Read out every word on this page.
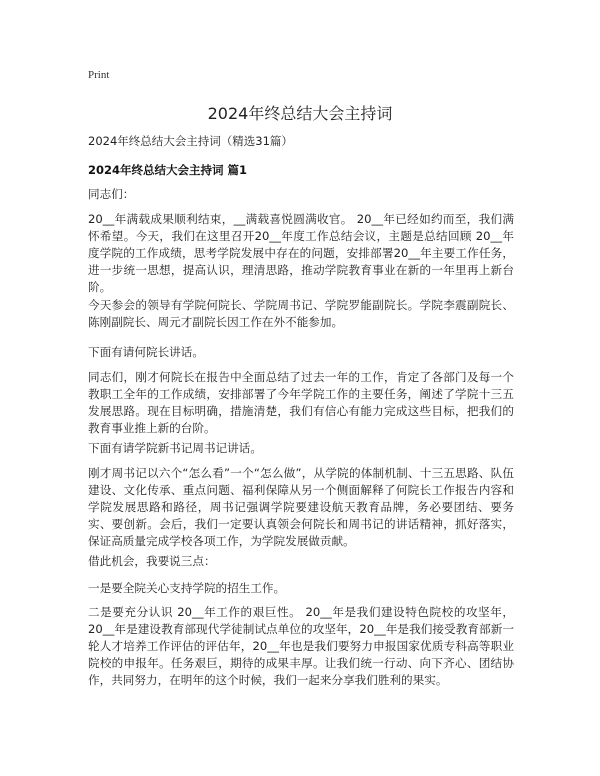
Print
2024年终总结大会主持词
2024年终总结大会主持词（精选31篇）
2024年终总结大会主持词 篇1

同志们：

20__年满载成果顺利结束，__满载喜悦圆满收官。 20__年已经如约而至，我们满怀希望。今天，我们在这里召开20__年度工作总结会议，主题是总结回顾 20__年度学院的工作成绩，思考学院发展中存在的问题，安排部署20__年主要工作任务，进一步统一思想，提高认识，理清思路，推动学院教育事业在新的一年里再上新台阶。

今天参会的领导有学院何院长、学院周书记、学院罗能副院长。学院李震副院长、陈刚副院长、周元才副院长因工作在外不能参加。

下面有请何院长讲话。

同志们，刚才何院长在报告中全面总结了过去一年的工作，肯定了各部门及每一个教职工全年的工作成绩，安排部署了今年学院工作的主要任务，阐述了学院十三五发展思路。现在目标明确，措施清楚，我们有信心有能力完成这些目标，把我们的教育事业推上新的台阶。

下面有请学院新书记周书记讲话。

刚才周书记以六个“怎么看”一个“怎么做”，从学院的体制机制、十三五思路、队伍建设、文化传承、重点问题、福利保障从另一个侧面解释了何院长工作报告内容和学院发展思路和路径，周书记强调学院要建设航天教育品牌，务必要团结、要务实、要创新。会后，我们一定要认真领会何院长和周书记的讲话精神，抓好落实，保证高质量完成学校各项工作，为学院发展做贡献。

借此机会，我要说三点：

一是要全院关心支持学院的招生工作。

二是要充分认识 20__年工作的艰巨性。 20__年是我们建设特色院校的攻坚年，20__年是建设教育部现代学徒制试点单位的攻坚年，20__年是我们接受教育部新一轮人才培养工作评估的评估年，20__年也是我们要努力申报国家优质专科高等职业院校的申报年。任务艰巨，期待的成果丰厚。让我们统一行动、向下齐心、团结协作，共同努力，在明年的这个时候，我们一起来分享我们胜利的果实。
